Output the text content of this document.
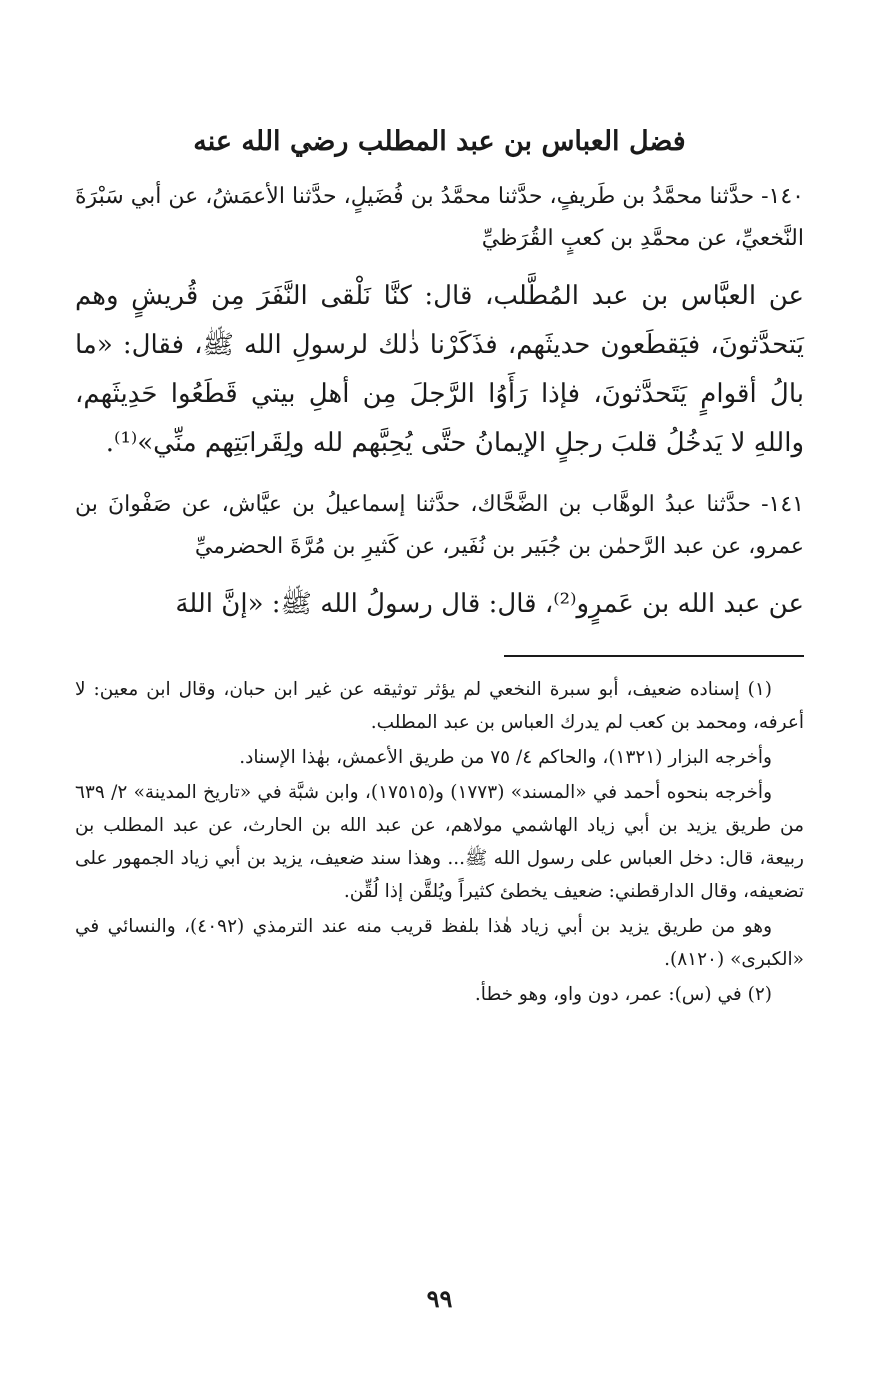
فضل العباس بن عبد المطلب رضي الله عنه

١٤٠- حدَّثنا محمَّدُ بن طَريفٍ، حدَّثنا محمَّدُ بن فُضَيلٍ، حدَّثنا الأعمَشُ، عن أبي سَبْرَةَ النَّخعيِّ، عن محمَّدِ بن كعبٍ القُرَظيِّ

عن العبَّاس بن عبد المُطَّلب، قال: كنَّا نَلْقى النَّفَرَ مِن قُريشٍ وهم يَتحدَّثونَ، فيَقطَعون حديثَهم، فذَكَرْنا ذٰلك لرسولِ الله ﷺ، فقال: «ما بالُ أقوامٍ يَتَحدَّثونَ، فإذا رَأَوُا الرَّجلَ مِن أهلِ بيتي قَطَعُوا حَدِيثَهم، واللهِ لا يَدخُلُ قلبَ رجلٍ الإيمانُ حتَّى يُحِبَّهم لله ولِقَرابَتِهم منِّي»⁽¹⁾.

١٤١- حدَّثنا عبدُ الوهَّاب بن الضَّحَّاك، حدَّثنا إسماعيلُ بن عيَّاش، عن صَفْوانَ بن عمرو، عن عبد الرَّحمٰن بن جُبَير بن نُفَير، عن كَثيرِ بن مُرَّةَ الحضرميِّ

عن عبد الله بن عَمرٍو⁽²⁾، قال: قال رسولُ الله ﷺ: «إنَّ اللهَ

(١) إسناده ضعيف، أبو سبرة النخعي لم يؤثر توثيقه عن غير ابن حبان، وقال ابن معين: لا أعرفه، ومحمد بن كعب لم يدرك العباس بن عبد المطلب.

وأخرجه البزار (١٣٢١)، والحاكم ٤/ ٧٥ من طريق الأعمش، بهٰذا الإسناد.

وأخرجه بنحوه أحمد في «المسند» (١٧٧٣) و(١٧٥١٥)، وابن شبَّة في «تاريخ المدينة» ٢/ ٦٣٩ من طريق يزيد بن أبي زياد الهاشمي مولاهم، عن عبد الله بن الحارث، عن عبد المطلب بن ربيعة، قال: دخل العباس على رسول الله ﷺ... وهذا سند ضعيف، يزيد بن أبي زياد الجمهور على تضعيفه، وقال الدارقطني: ضعيف يخطئ كثيراً ويُلقَّن إذا لُقِّن.

وهو من طريق يزيد بن أبي زياد هٰذا بلفظ قريب منه عند الترمذي (٤٠٩٢)، والنسائي في «الكبرى» (٨١٢٠).

(٢) في (س): عمر، دون واو، وهو خطأ.

٩٩
